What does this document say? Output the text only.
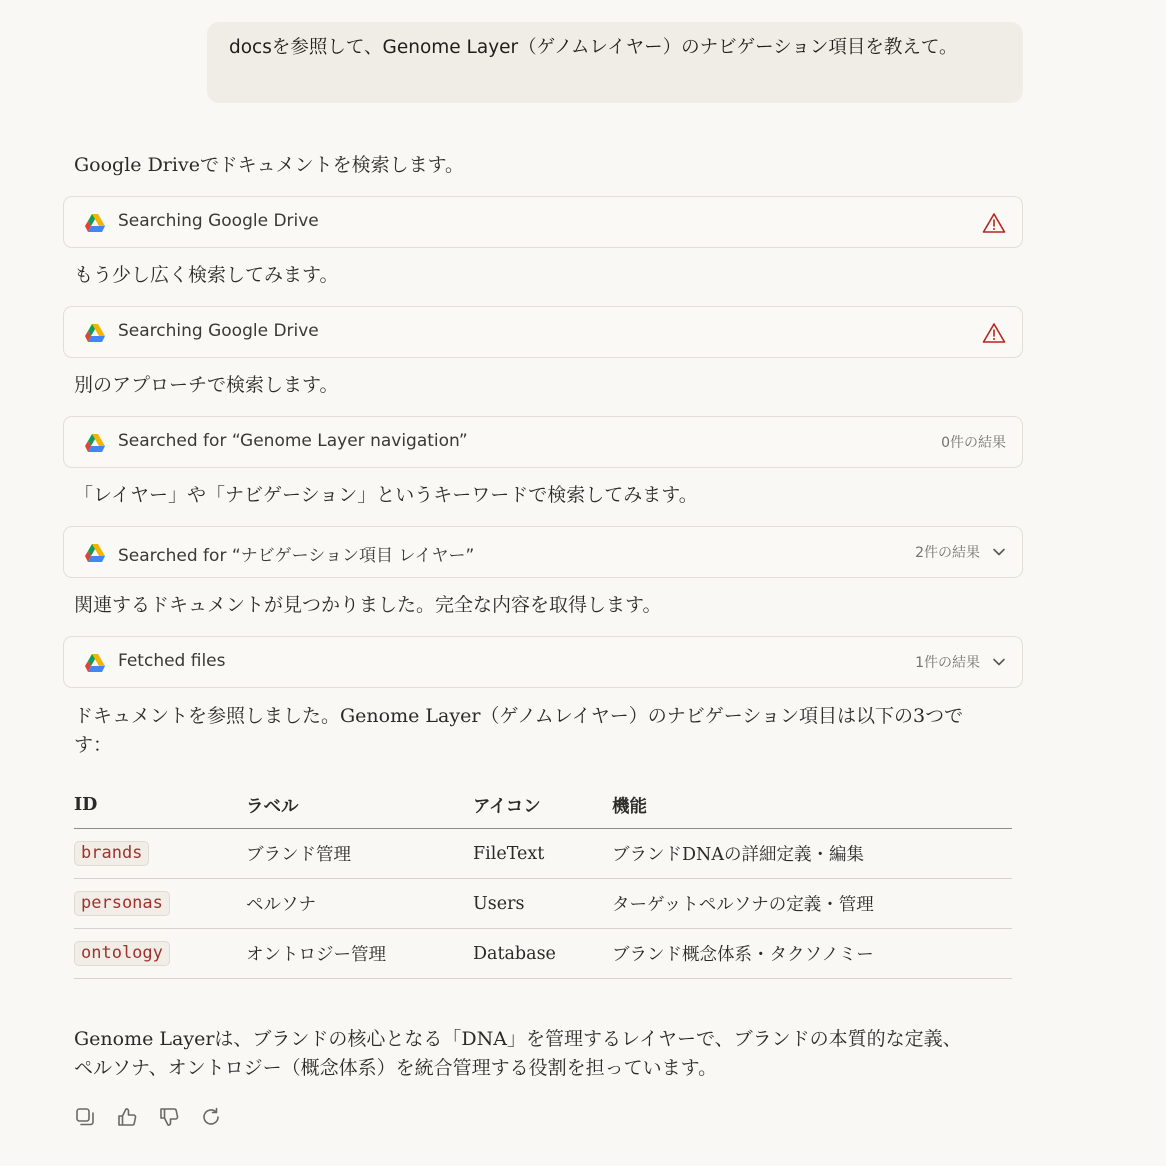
docsを参照して、Genome Layer（ゲノムレイヤー）のナビゲーション項目を教えて。
Google Driveでドキュメントを検索します。
Searching Google Drive
もう少し広く検索してみます。
Searching Google Drive
別のアプローチで検索します。
Searched for “Genome Layer navigation”	0件の結果
「レイヤー」や「ナビゲーション」というキーワードで検索してみます。
Searched for “ナビゲーション項目 レイヤー”	2件の結果
関連するドキュメントが見つかりました。完全な内容を取得します。
Fetched files	1件の結果
ドキュメントを参照しました。Genome Layer（ゲノムレイヤー）のナビゲーション項目は以下の3つです：
ID	ラベル	アイコン	機能
brands	ブランド管理	FileText	ブランドDNAの詳細定義・編集
personas	ペルソナ	Users	ターゲットペルソナの定義・管理
ontology	オントロジー管理	Database	ブランド概念体系・タクソノミー
Genome Layerは、ブランドの核心となる「DNA」を管理するレイヤーで、ブランドの本質的な定義、ペルソナ、オントロジー（概念体系）を統合管理する役割を担っています。
